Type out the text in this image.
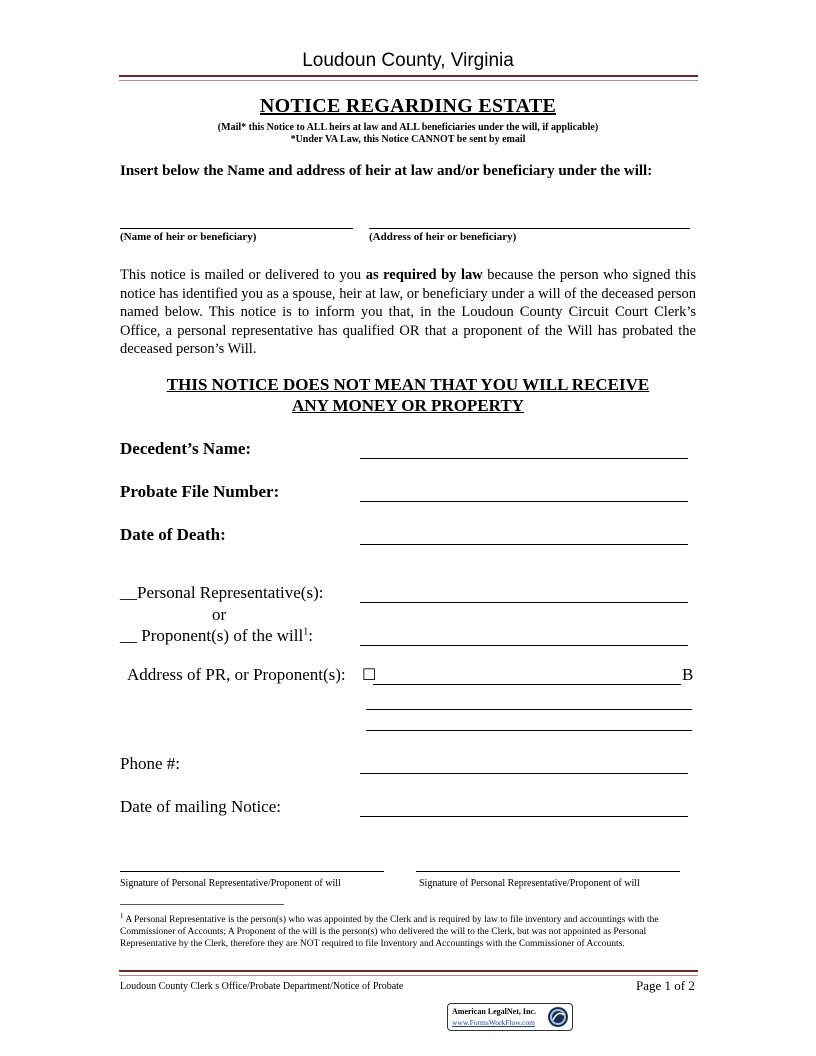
Loudoun County, Virginia
NOTICE REGARDING ESTATE
(Mail* this Notice to ALL heirs at law and ALL beneficiaries under the will, if applicable)
*Under VA Law, this Notice CANNOT be sent by email
Insert below the Name and address of heir at law and/or beneficiary under the will:
(Name of heir or beneficiary)	(Address of heir or beneficiary)
This notice is mailed or delivered to you as required by law because the person who signed this notice has identified you as a spouse, heir at law, or beneficiary under a will of the deceased person named below. This notice is to inform you that, in the Loudoun County Circuit Court Clerk’s Office, a personal representative has qualified OR that a proponent of the Will has probated the deceased person’s Will.
THIS NOTICE DOES NOT MEAN THAT YOU WILL RECEIVE
ANY MONEY OR PROPERTY
Decedent’s Name:
Probate File Number:
Date of Death:
__Personal Representative(s):
or
__ Proponent(s) of the will$^1$:
Address of PR, or Proponent(s): ☐	B
Phone #:
Date of mailing Notice:
Signature of Personal Representative/Proponent of will	Signature of Personal Representative/Proponent of will
$^1$ A Personal Representative is the person(s) who was appointed by the Clerk and is required by law to file inventory and accountings with the Commissioner of Accounts; A Proponent of the will is the person(s) who delivered the will to the Clerk, but was not appointed as Personal Representative by the Clerk, therefore they are NOT required to file Inventory and Accountings with the Commissioner of Accounts.
Loudoun County Clerk s Office/Probate Department/Notice of Probate	Page 1 of 2
American LegalNet, Inc.
www.FormsWorkFlow.com
